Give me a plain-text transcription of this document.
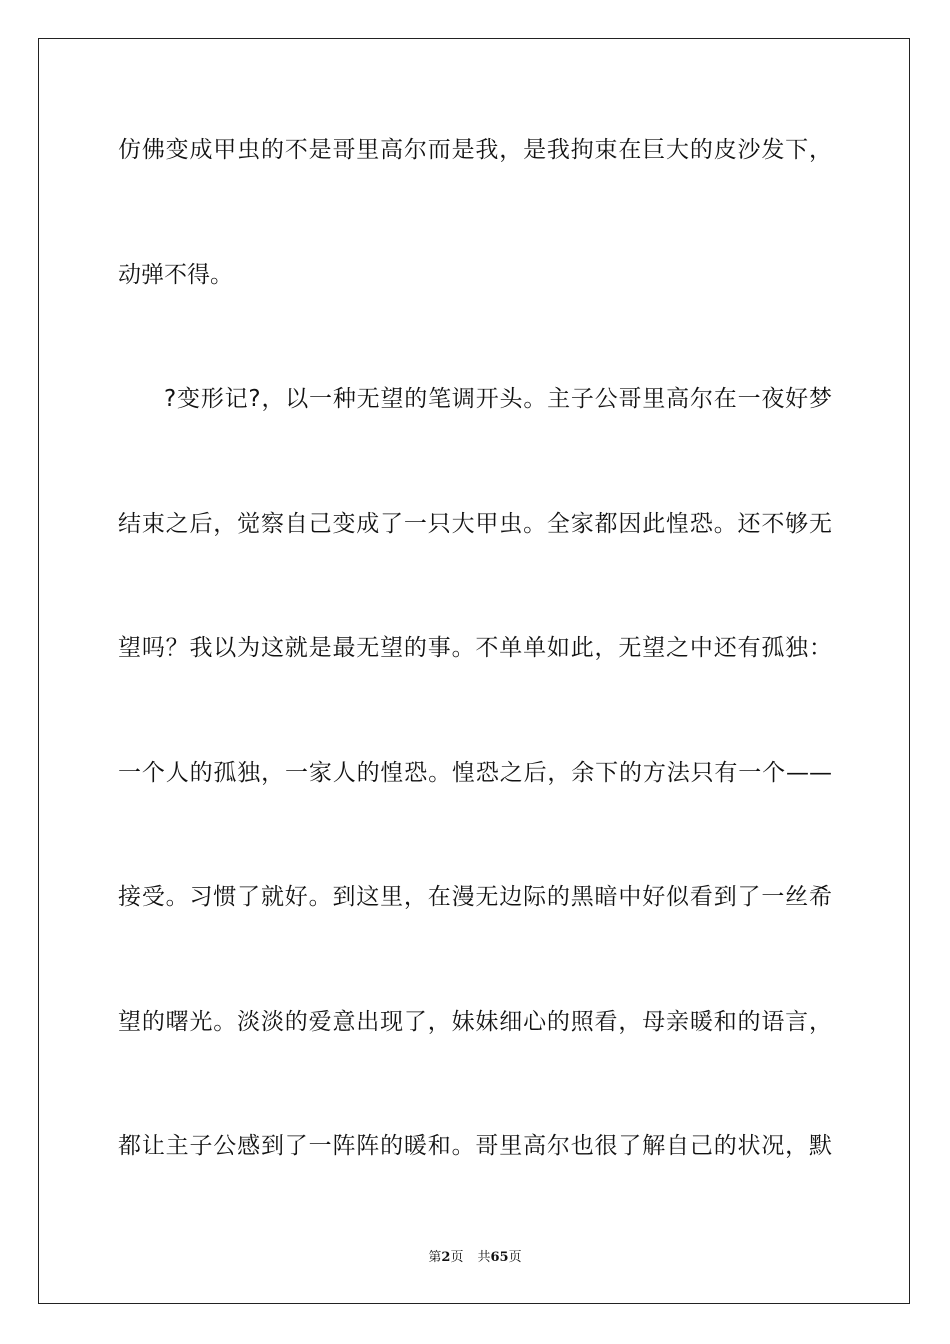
仿佛变成甲虫的不是哥里高尔而是我，是我拘束在巨大的皮沙发下，
动弹不得。
?变形记?，以一种无望的笔调开头。主子公哥里高尔在一夜好梦
结束之后，觉察自己变成了一只大甲虫。全家都因此惶恐。还不够无
望吗？我以为这就是最无望的事。不单单如此，无望之中还有孤独：
一个人的孤独，一家人的惶恐。惶恐之后，余下的方法只有一个——
接受。习惯了就好。到这里，在漫无边际的黑暗中好似看到了一丝希
望的曙光。淡淡的爱意出现了，妹妹细心的照看，母亲暖和的语言，
都让主子公感到了一阵阵的暖和。哥里高尔也很了解自己的状况，默
第2页 共65页
